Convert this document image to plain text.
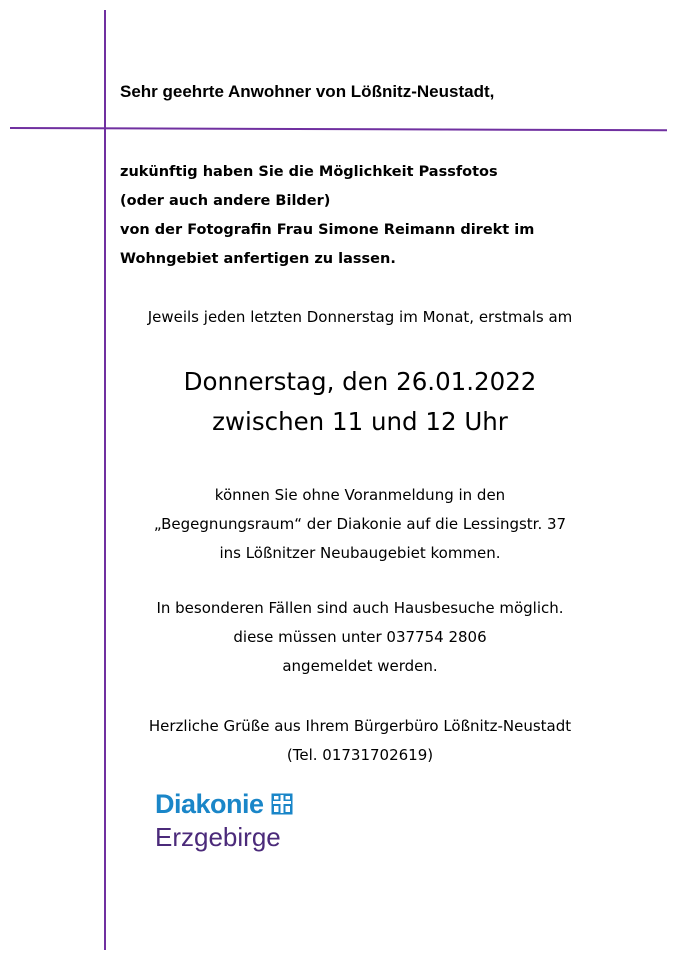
Sehr geehrte Anwohner von Lößnitz-Neustadt,
zukünftig haben Sie die Möglichkeit Passfotos
(oder auch andere Bilder)
von der Fotografin Frau Simone Reimann direkt im
Wohngebiet anfertigen zu lassen.
Jeweils jeden letzten Donnerstag im Monat, erstmals am
Donnerstag, den 26.01.2022
zwischen 11 und 12 Uhr
können Sie ohne Voranmeldung in den
„Begegnungsraum“ der Diakonie auf die Lessingstr. 37
ins Lößnitzer Neubaugebiet kommen.
In besonderen Fällen sind auch Hausbesuche möglich.
diese müssen unter 037754 2806
angemeldet werden.
Herzliche Grüße aus Ihrem Bürgerbüro Lößnitz-Neustadt
(Tel. 01731702619)
Diakonie
Erzgebirge
